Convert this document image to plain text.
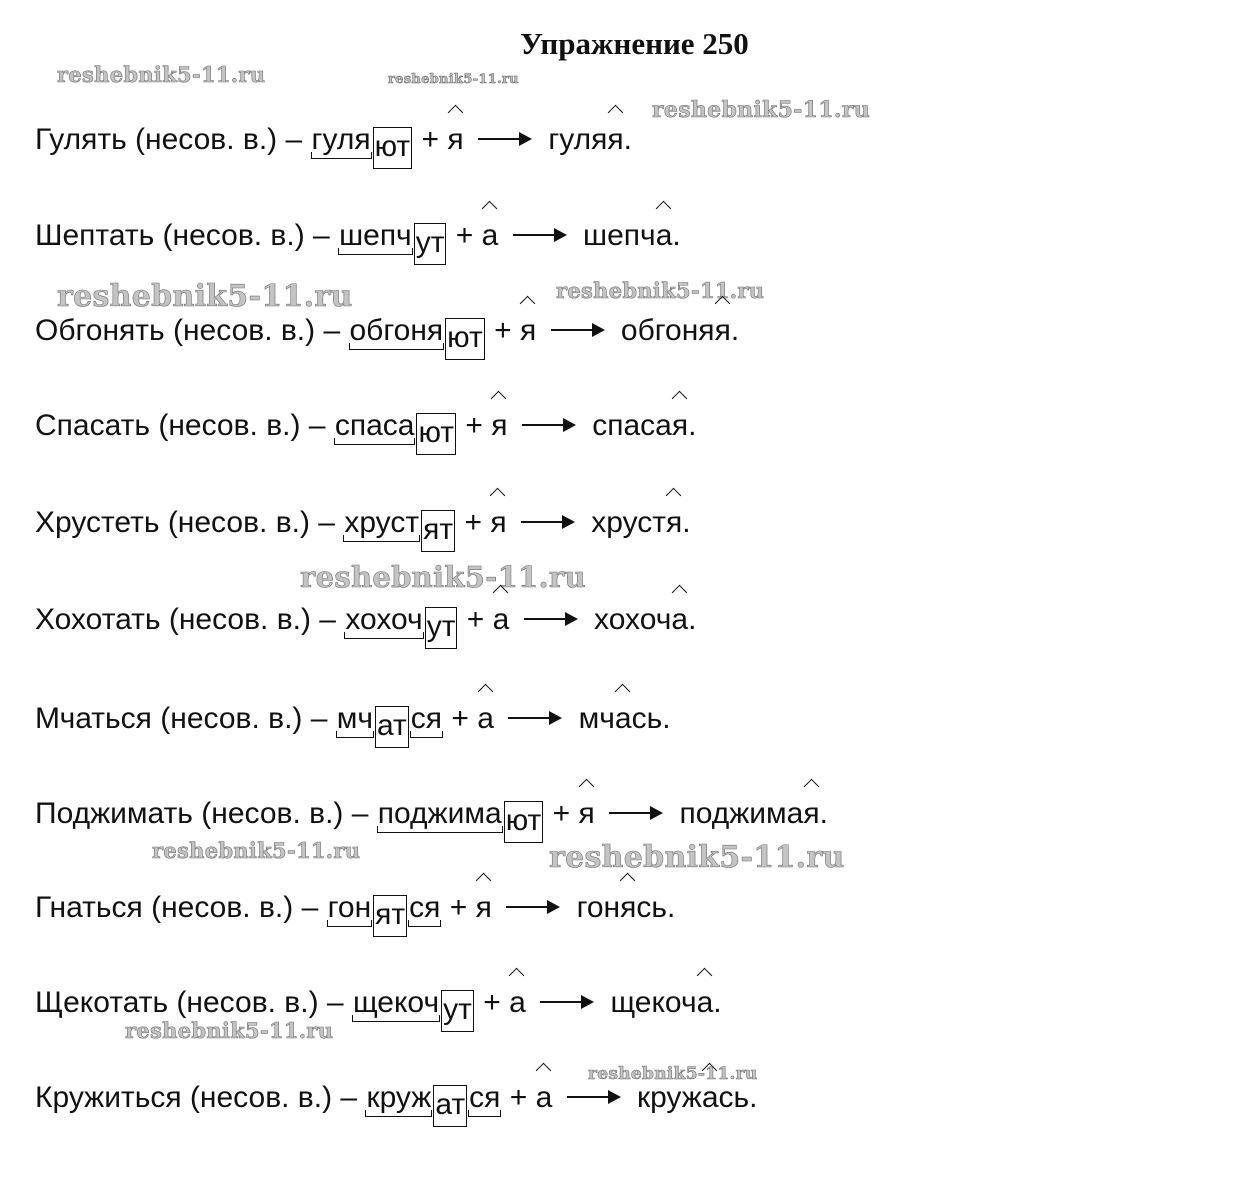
Упражнение 250
reshebnik5-11.ru	reshebnik5-11.ru
reshebnik5-11.ru
reshebnik5-11.ru	reshebnik5-11.ru
reshebnik5-11.ru
reshebnik5-11.ru	reshebnik5-11.ru
reshebnik5-11.ru
reshebnik5-11.ru
Гулять (несов. в.) – гуля ют + я	гуляя.
Шептать (несов. в.) – шепч ут + а	шепча.
Обгонять (несов. в.) – обгоня ют + я	обгоняя.
Спасать (несов. в.) – спаса ют + я	спасая.
Хрустеть (несов. в.) – хруст ят + я	хрустя.
Хохотать (несов. в.) – хохоч ут + а	хохоча.
Мчаться (несов. в.) – мч ат ся + а	мчась.
Поджимать (несов. в.) – поджима ют + я	поджимая.
Гнаться (несов. в.) – гон ят ся + я	гонясь.
Щекотать (несов. в.) – щекоч ут + а	щекоча.
Кружиться (несов. в.) – круж ат ся + а	кружась.
